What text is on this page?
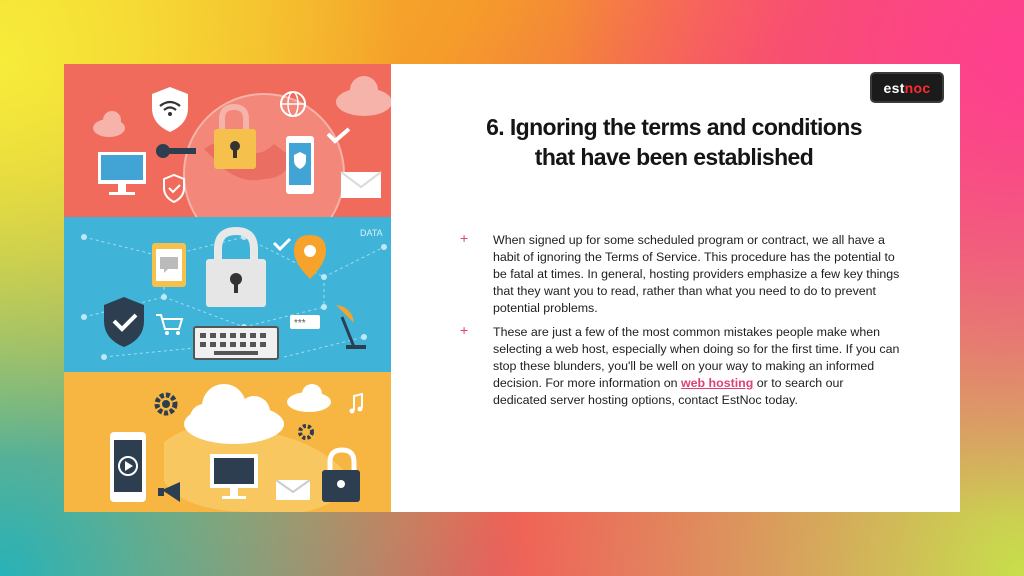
DATA
***
est noc
6. Ignoring the terms and conditions
that have been established
+ When signed up for some scheduled program or contract, we all have a habit of ignoring the Terms of Service. This procedure has the potential to be fatal at times. In general, hosting providers emphasize a few key things that they want you to read, rather than what you need to do to prevent potential problems.
+ These are just a few of the most common mistakes people make when selecting a web host, especially when doing so for the first time. If you can stop these blunders, you'll be well on your way to making an informed decision. For more information on web hosting or to search our dedicated server hosting options, contact EstNoc today.
